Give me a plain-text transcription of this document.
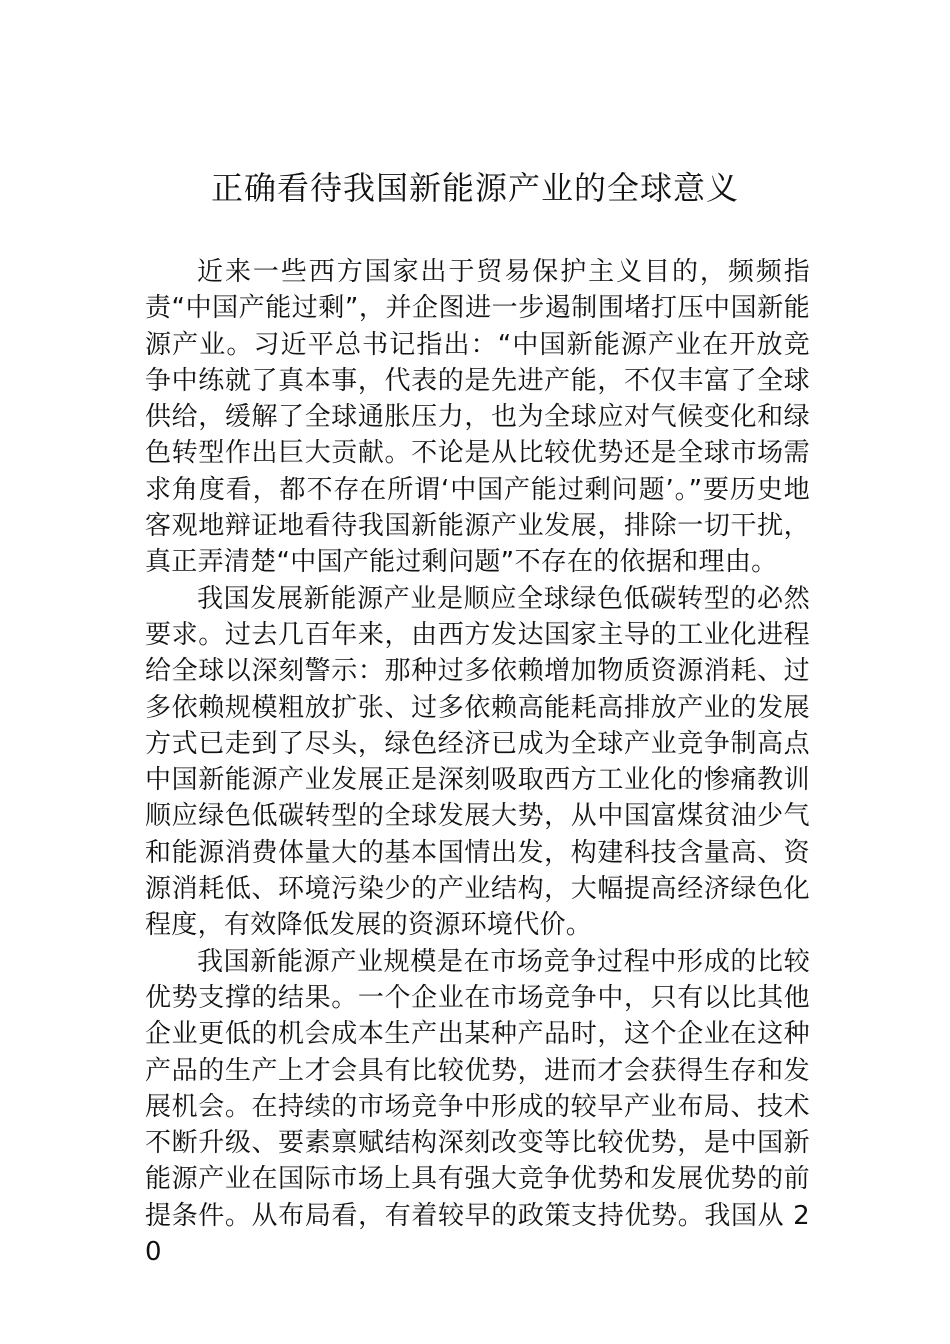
正确看待我国新能源产业的全球意义

近来一些西方国家出于贸易保护主义目的，频频指责“中国产能过剩”，并企图进一步遏制围堵打压中国新能源产业。习近平总书记指出：“中国新能源产业在开放竞争中练就了真本事，代表的是先进产能，不仅丰富了全球供给，缓解了全球通胀压力，也为全球应对气候变化和绿色转型作出巨大贡献。不论是从比较优势还是全球市场需求角度看，都不存在所谓‘中国产能过剩问题’。”要历史地客观地辩证地看待我国新能源产业发展，排除一切干扰，真正弄清楚“中国产能过剩问题”不存在的依据和理由。

我国发展新能源产业是顺应全球绿色低碳转型的必然要求。过去几百年来，由西方发达国家主导的工业化进程给全球以深刻警示：那种过多依赖增加物质资源消耗、过多依赖规模粗放扩张、过多依赖高能耗高排放产业的发展方式已走到了尽头，绿色经济已成为全球产业竞争制高点中国新能源产业发展正是深刻吸取西方工业化的惨痛教训顺应绿色低碳转型的全球发展大势，从中国富煤贫油少气和能源消费体量大的基本国情出发，构建科技含量高、资源消耗低、环境污染少的产业结构，大幅提高经济绿色化程度，有效降低发展的资源环境代价。

我国新能源产业规模是在市场竞争过程中形成的比较优势支撑的结果。一个企业在市场竞争中，只有以比其他企业更低的机会成本生产出某种产品时，这个企业在这种产品的生产上才会具有比较优势，进而才会获得生存和发展机会。在持续的市场竞争中形成的较早产业布局、技术不断升级、要素禀赋结构深刻改变等比较优势，是中国新能源产业在国际市场上具有强大竞争优势和发展优势的前提条件。从布局看，有着较早的政策支持优势。我国从 20
